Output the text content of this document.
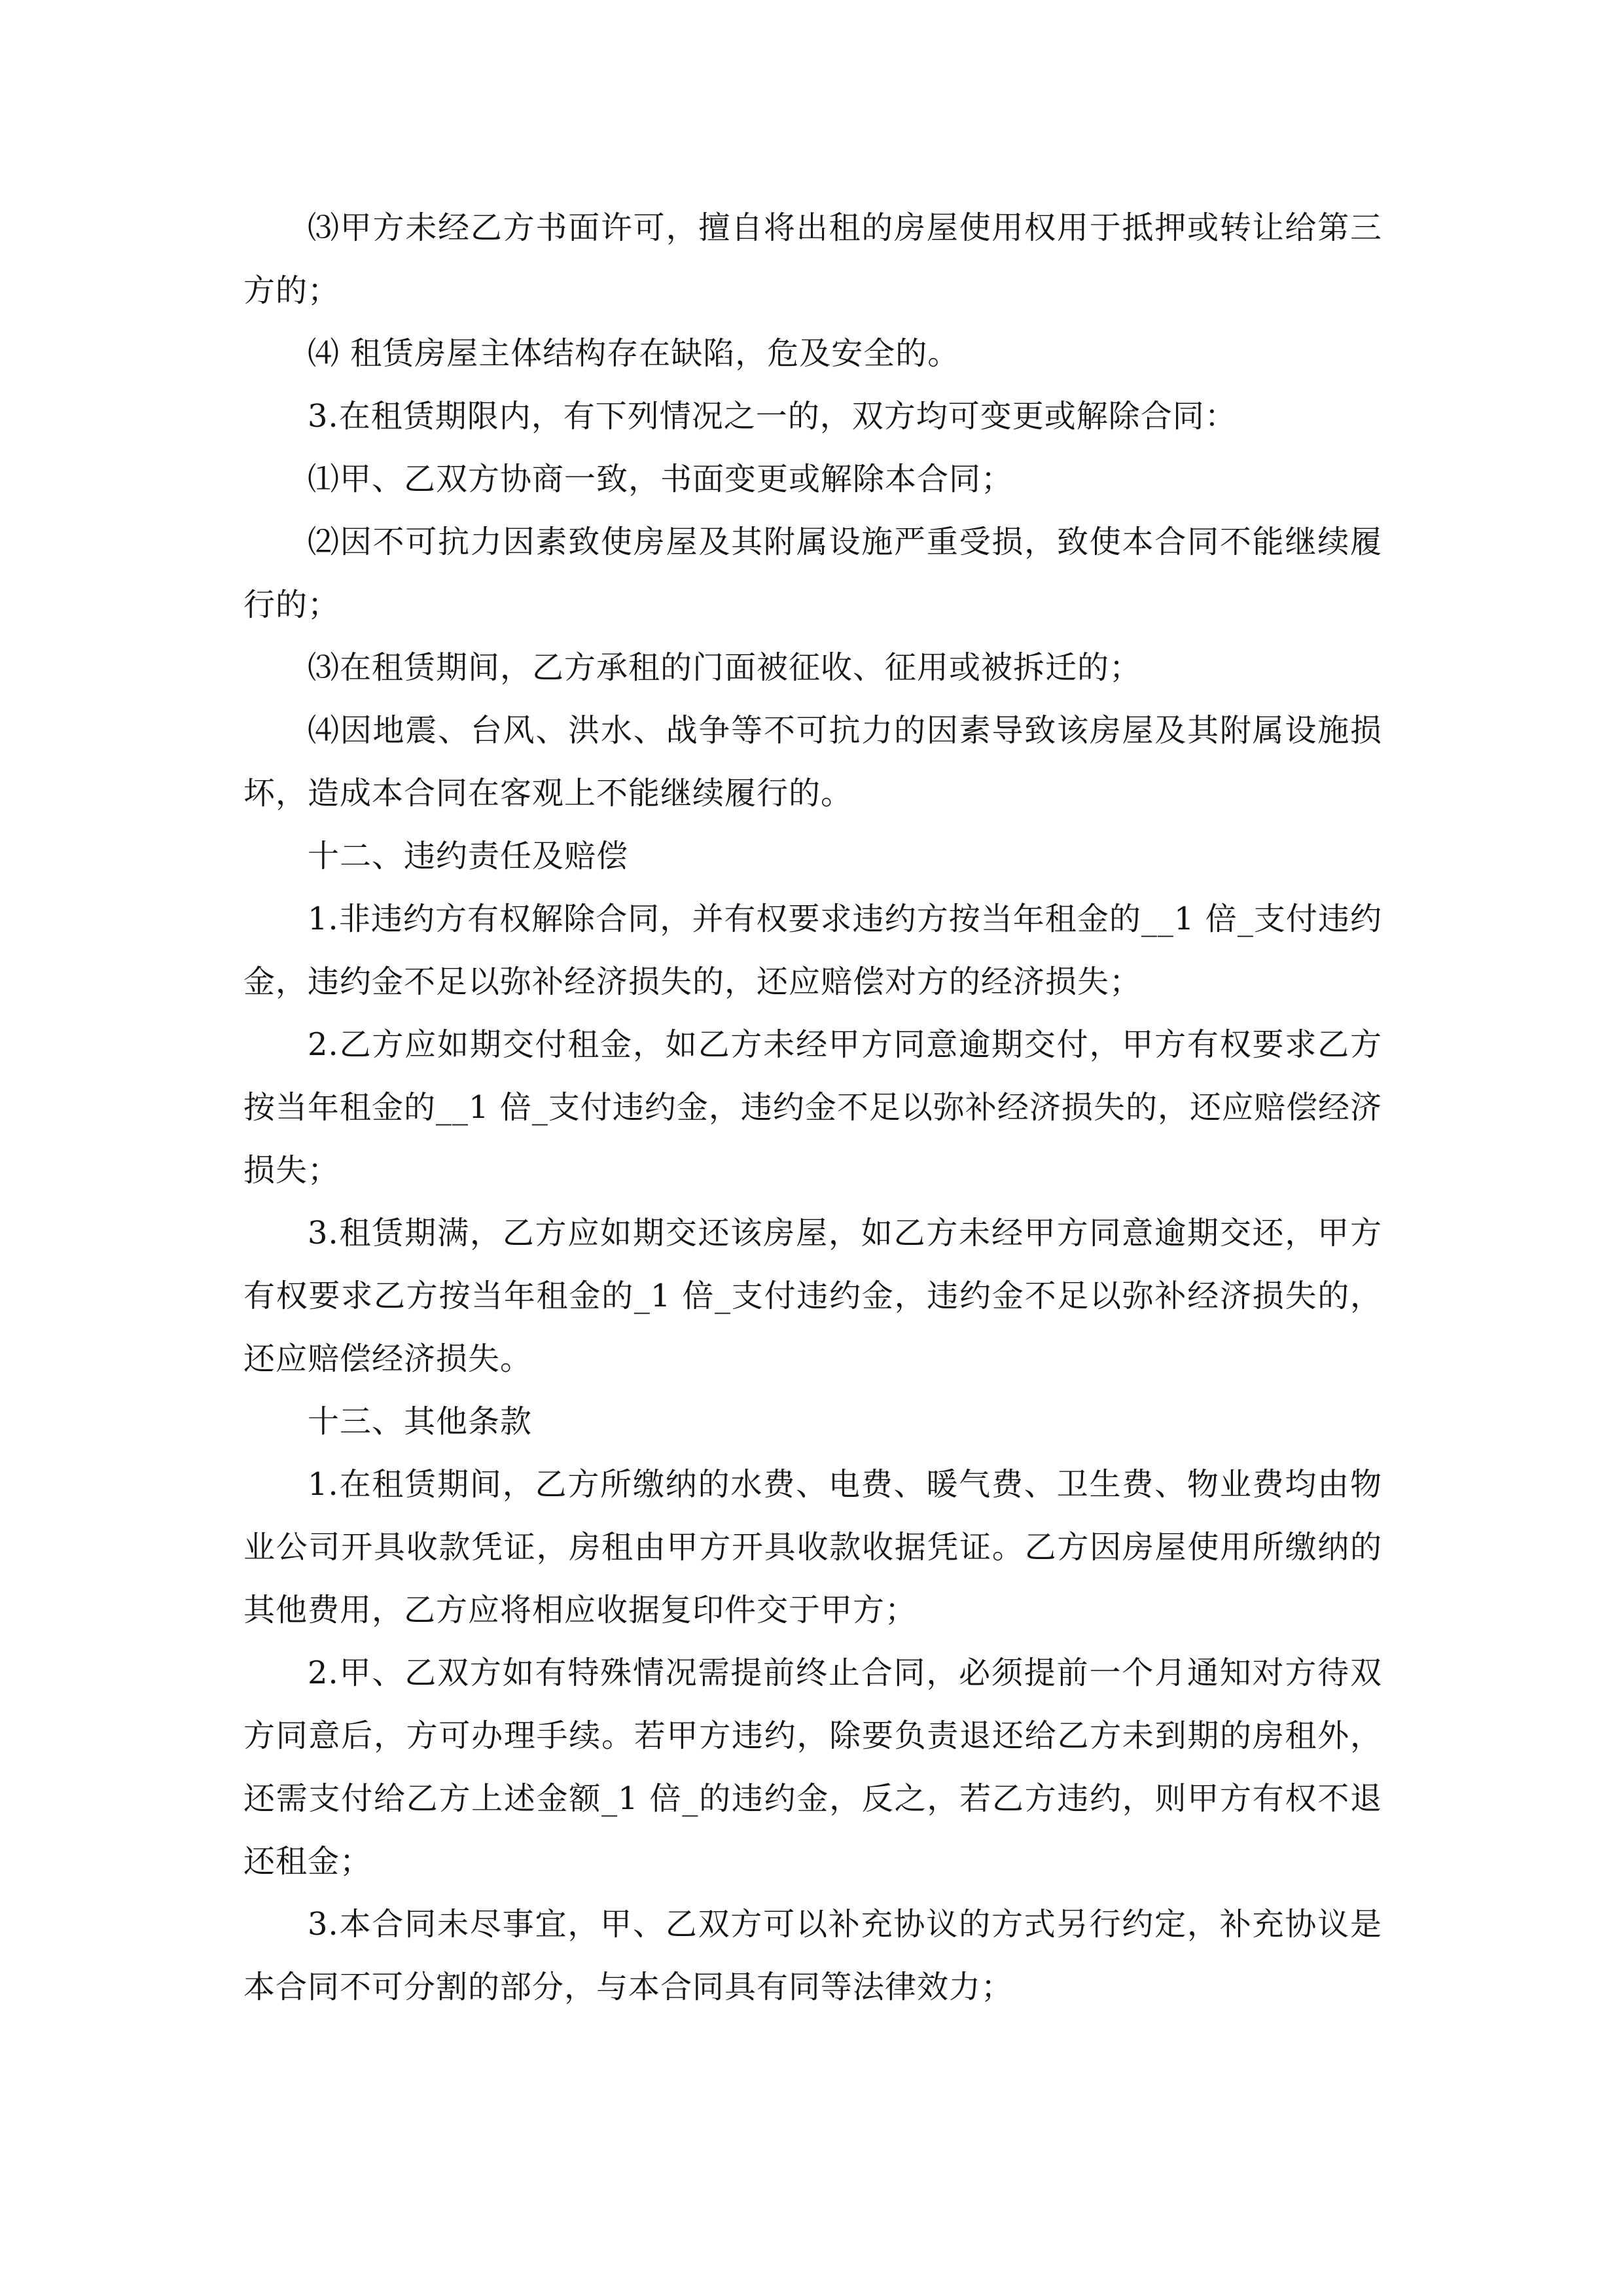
⑶甲方未经乙方书面许可，擅自将出租的房屋使用权用于抵押或转让给第三方的；

⑷ 租赁房屋主体结构存在缺陷，危及安全的。

3.在租赁期限内，有下列情况之一的，双方均可变更或解除合同：

⑴甲、乙双方协商一致，书面变更或解除本合同；

⑵因不可抗力因素致使房屋及其附属设施严重受损，致使本合同不能继续履行的；

⑶在租赁期间，乙方承租的门面被征收、征用或被拆迁的；

⑷因地震、台风、洪水、战争等不可抗力的因素导致该房屋及其附属设施损坏，造成本合同在客观上不能继续履行的。

十二、违约责任及赔偿

1.非违约方有权解除合同，并有权要求违约方按当年租金的__1 倍_支付违约金，违约金不足以弥补经济损失的，还应赔偿对方的经济损失；

2.乙方应如期交付租金，如乙方未经甲方同意逾期交付，甲方有权要求乙方按当年租金的__1 倍_支付违约金，违约金不足以弥补经济损失的，还应赔偿经济损失；

3.租赁期满，乙方应如期交还该房屋，如乙方未经甲方同意逾期交还，甲方有权要求乙方按当年租金的_1 倍_支付违约金，违约金不足以弥补经济损失的，还应赔偿经济损失。

十三、其他条款

1.在租赁期间，乙方所缴纳的水费、电费、暖气费、卫生费、物业费均由物业公司开具收款凭证，房租由甲方开具收款收据凭证。乙方因房屋使用所缴纳的其他费用，乙方应将相应收据复印件交于甲方；

2.甲、乙双方如有特殊情况需提前终止合同，必须提前一个月通知对方待双方同意后，方可办理手续。若甲方违约，除要负责退还给乙方未到期的房租外，还需支付给乙方上述金额_1 倍_的违约金，反之，若乙方违约，则甲方有权不退还租金；

3.本合同未尽事宜，甲、乙双方可以补充协议的方式另行约定，补充协议是本合同不可分割的部分，与本合同具有同等法律效力；
